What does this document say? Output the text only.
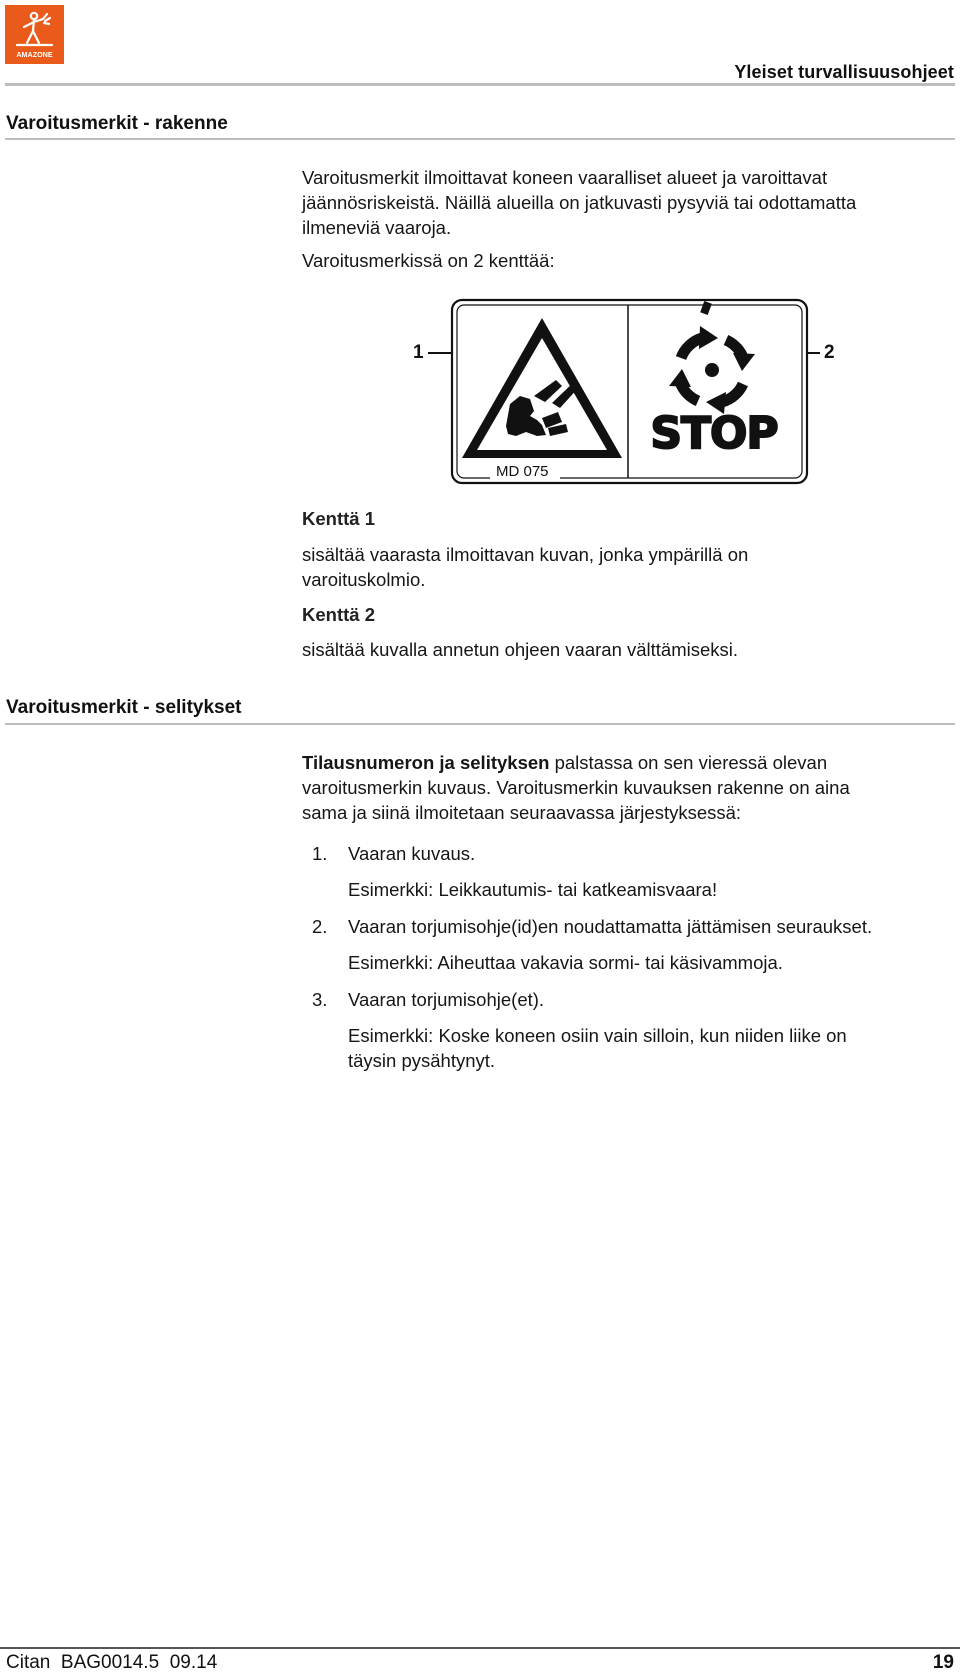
AMAZONE
Yleiset turvallisuusohjeet
Varoitusmerkit - rakenne
Varoitusmerkit ilmoittavat koneen vaaralliset alueet ja varoittavat
jäännösriskeistä. Näillä alueilla on jatkuvasti pysyviä tai odottamatta
ilmeneviä vaaroja.
Varoitusmerkissä on 2 kenttää:
1	2
STOP
MD 075
Kenttä 1
sisältää vaarasta ilmoittavan kuvan, jonka ympärillä on
varoituskolmio.
Kenttä 2
sisältää kuvalla annetun ohjeen vaaran välttämiseksi.
Varoitusmerkit - selitykset
Tilausnumeron ja selityksen palstassa on sen vieressä olevan
varoitusmerkin kuvaus. Varoitusmerkin kuvauksen rakenne on aina
sama ja siinä ilmoitetaan seuraavassa järjestyksessä:
1. Vaaran kuvaus.
Esimerkki: Leikkautumis- tai katkeamisvaara!
2. Vaaran torjumisohje(id)en noudattamatta jättämisen seuraukset.
Esimerkki: Aiheuttaa vakavia sormi- tai käsivammoja.
3. Vaaran torjumisohje(et).
Esimerkki: Koske koneen osiin vain silloin, kun niiden liike on
täysin pysähtynyt.
Citan  BAG0014.5  09.14	19
